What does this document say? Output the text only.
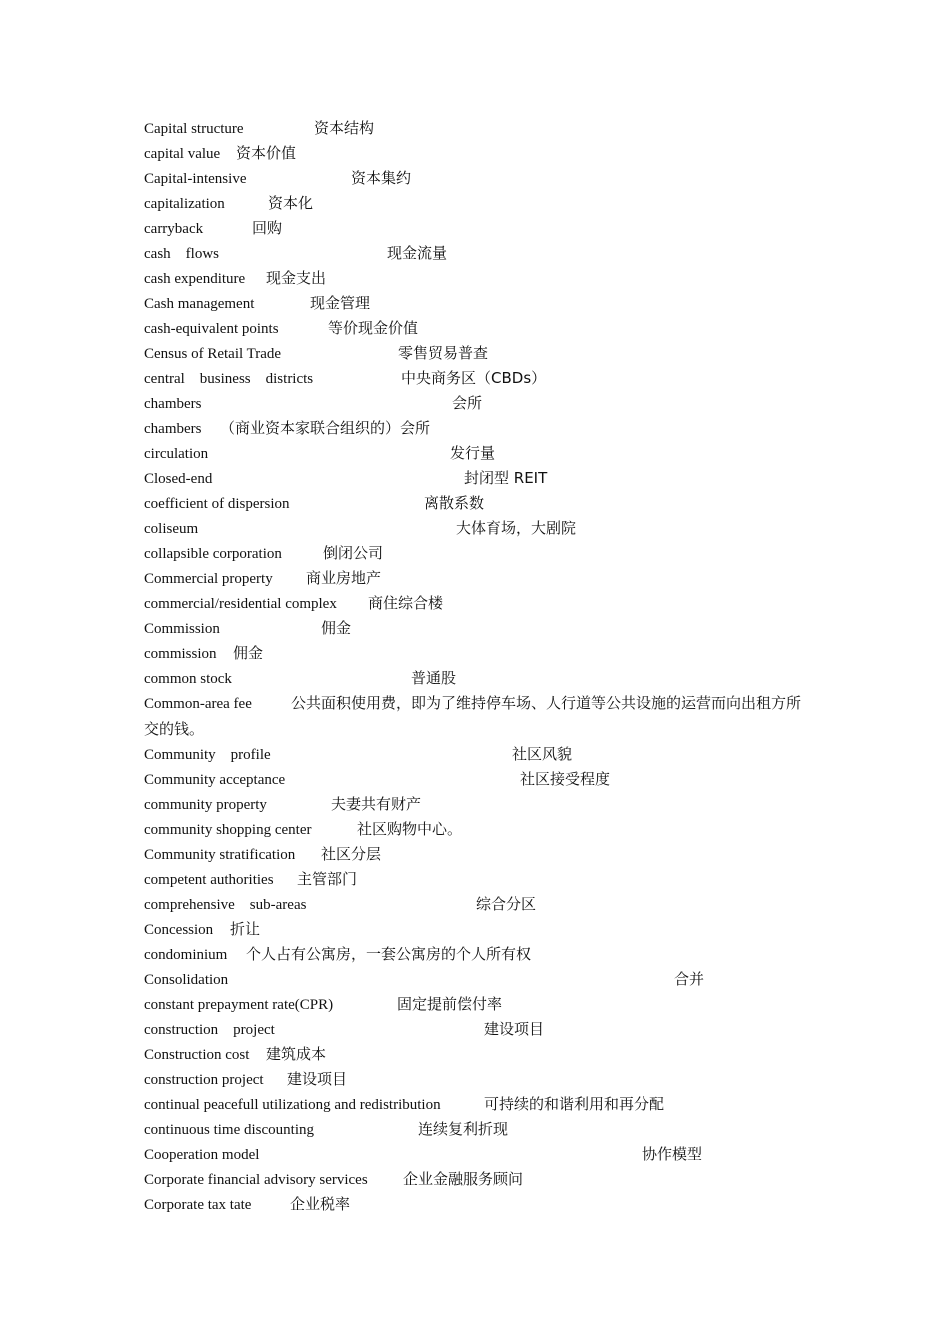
Capital structure	资本结构
capital value 资本价值
Capital-intensive	资本集约
capitalization	资本化
carryback	回购
cash    flows	现金流量
cash expenditure 现金支出
Cash management	现金管理
cash-equivalent points	等价现金价值
Census of Retail Trade	零售贸易普查
central    business    districts	中央商务区（CBDs）
chambers	会所
chambers （商业资本家联合组织的）会所
circulation	发行量
Closed-end	封闭型 REIT
coefficient of dispersion	离散系数
coliseum	大体育场，大剧院
collapsible corporation	倒闭公司
Commercial property 商业房地产
commercial/residential complex 商住综合楼
Commission	佣金
commission 佣金
common stock	普通股
Common-area fee	公共面积使用费，即为了维持停车场、人行道等公共设施的运营而向出租方所交的钱。
Community    profile	社区风貌
Community acceptance	社区接受程度
community property	夫妻共有财产
community shopping center	社区购物中心。
Community stratification 社区分层
competent authorities 主管部门
comprehensive    sub-areas	综合分区
Concession 折让
condominium 个人占有公寓房，一套公寓房的个人所有权
Consolidation	合并
constant prepayment rate(CPR)	固定提前偿付率
construction    project	建设项目
Construction cost 建筑成本
construction project 建设项目
continual peacefull utilizationg and redistribution	可持续的和谐利用和再分配
continuous time discounting	连续复利折现
Cooperation model	协作模型
Corporate financial advisory services 企业金融服务顾问
Corporate tax tate	企业税率
